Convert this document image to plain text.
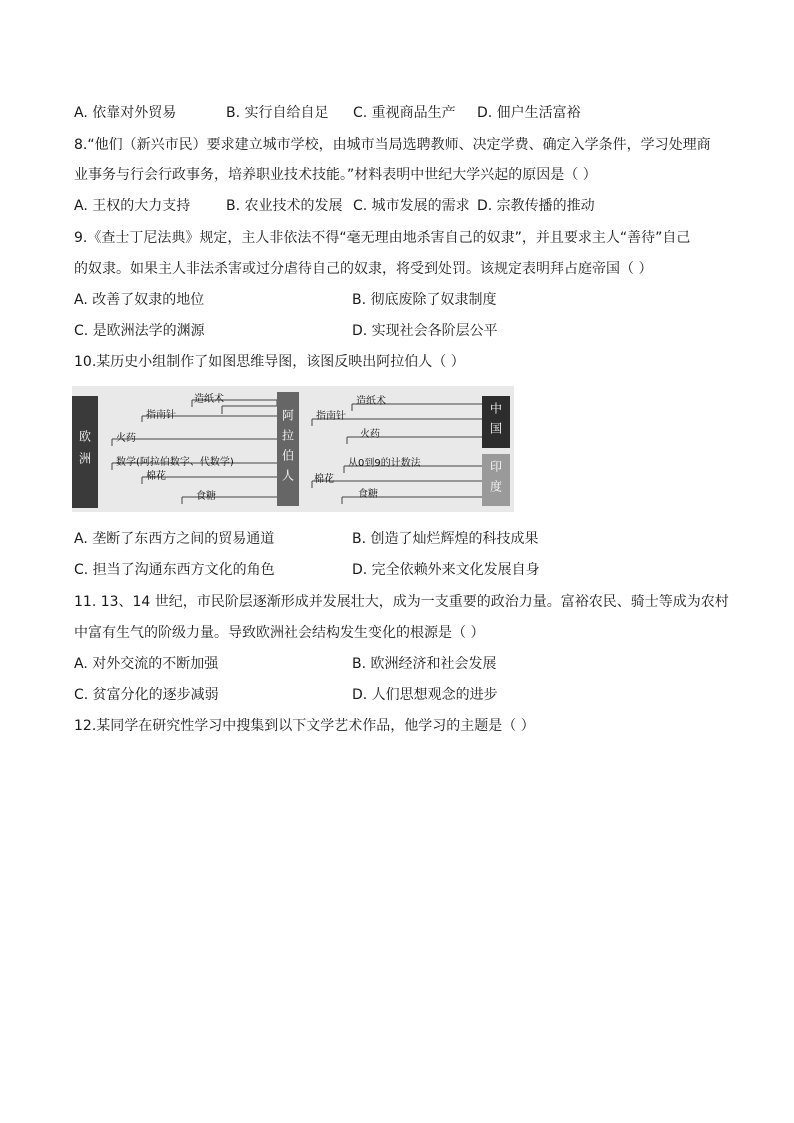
A. 依靠对外贸易	B. 实行自给自足 C. 重视商品生产 D. 佃户生活富裕
8.“他们（新兴市民）要求建立城市学校，由城市当局选聘教师、决定学费、确定入学条件，学习处理商
业事务与行会行政事务，培养职业技术技能。”材料表明中世纪大学兴起的原因是（ ）
A. 王权的大力支持	B. 农业技术的发展 C. 城市发展的需求 D. 宗教传播的推动
9.《查士丁尼法典》规定，主人非依法不得“毫无理由地杀害自己的奴隶”，并且要求主人“善待”自己
的奴隶。如果主人非法杀害或过分虐待自己的奴隶，将受到处罚。该规定表明拜占庭帝国（ ）
A. 改善了奴隶的地位	B. 彻底废除了奴隶制度
C. 是欧洲法学的渊源	D. 实现社会各阶层公平
10.某历史小组制作了如图思维导图，该图反映出阿拉伯人（ ）
欧洲	阿拉伯人	中国
印度
造纸术
指南针
火药
数学(阿拉伯数字、代数学)
棉花
食糖
造纸术
指南针
火药
从0到9的计数法
棉花
食糖
A. 垄断了东西方之间的贸易通道	B. 创造了灿烂辉煌的科技成果
C. 担当了沟通东西方文化的角色	D. 完全依赖外来文化发展自身
11. 13、14 世纪，市民阶层逐渐形成并发展壮大，成为一支重要的政治力量。富裕农民、骑士等成为农村
中富有生气的阶级力量。导致欧洲社会结构发生变化的根源是（ ）
A. 对外交流的不断加强	B. 欧洲经济和社会发展
C. 贫富分化的逐步减弱	D. 人们思想观念的进步
12.某同学在研究性学习中搜集到以下文学艺术作品，他学习的主题是（ ）
